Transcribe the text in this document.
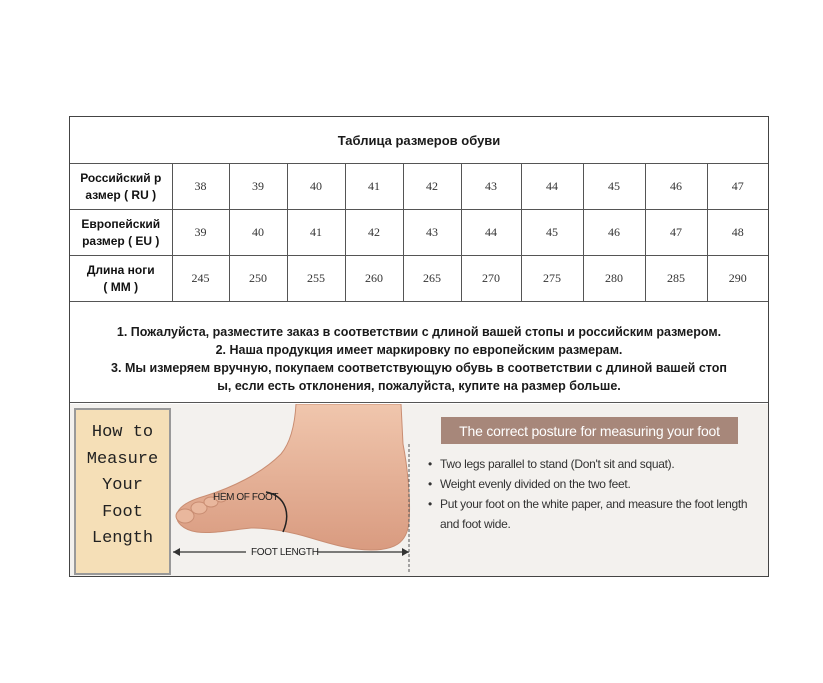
Таблица размеров обуви
Российский р
азмер ( RU )	38	39	40	41	42	43	44	45	46	47

Европейский
размер ( EU )	39	40	41	42	43	44	45	46	47	48

Длина ноги
( MM )	245	250	255	260	265	270	275	280	285	290
1. Пожалуйста, разместите заказ в соответствии с длиной вашей стопы и российским размером.
2. Наша продукция имеет маркировку по европейским размерам.
3. Мы измеряем вручную, покупаем соответствующую обувь в соответствии с длиной вашей стоп
ы, если есть отклонения, пожалуйста, купите на размер больше.
How to
Measure
Your
Foot
Length
HEM OF FOOT
FOOT LENGTH
The correct posture for measuring your foot
• Two legs parallel to stand (Don't sit and squat).
• Weight evenly divided on the two feet.
• Put your foot on the white paper, and measure the foot length and foot wide.
